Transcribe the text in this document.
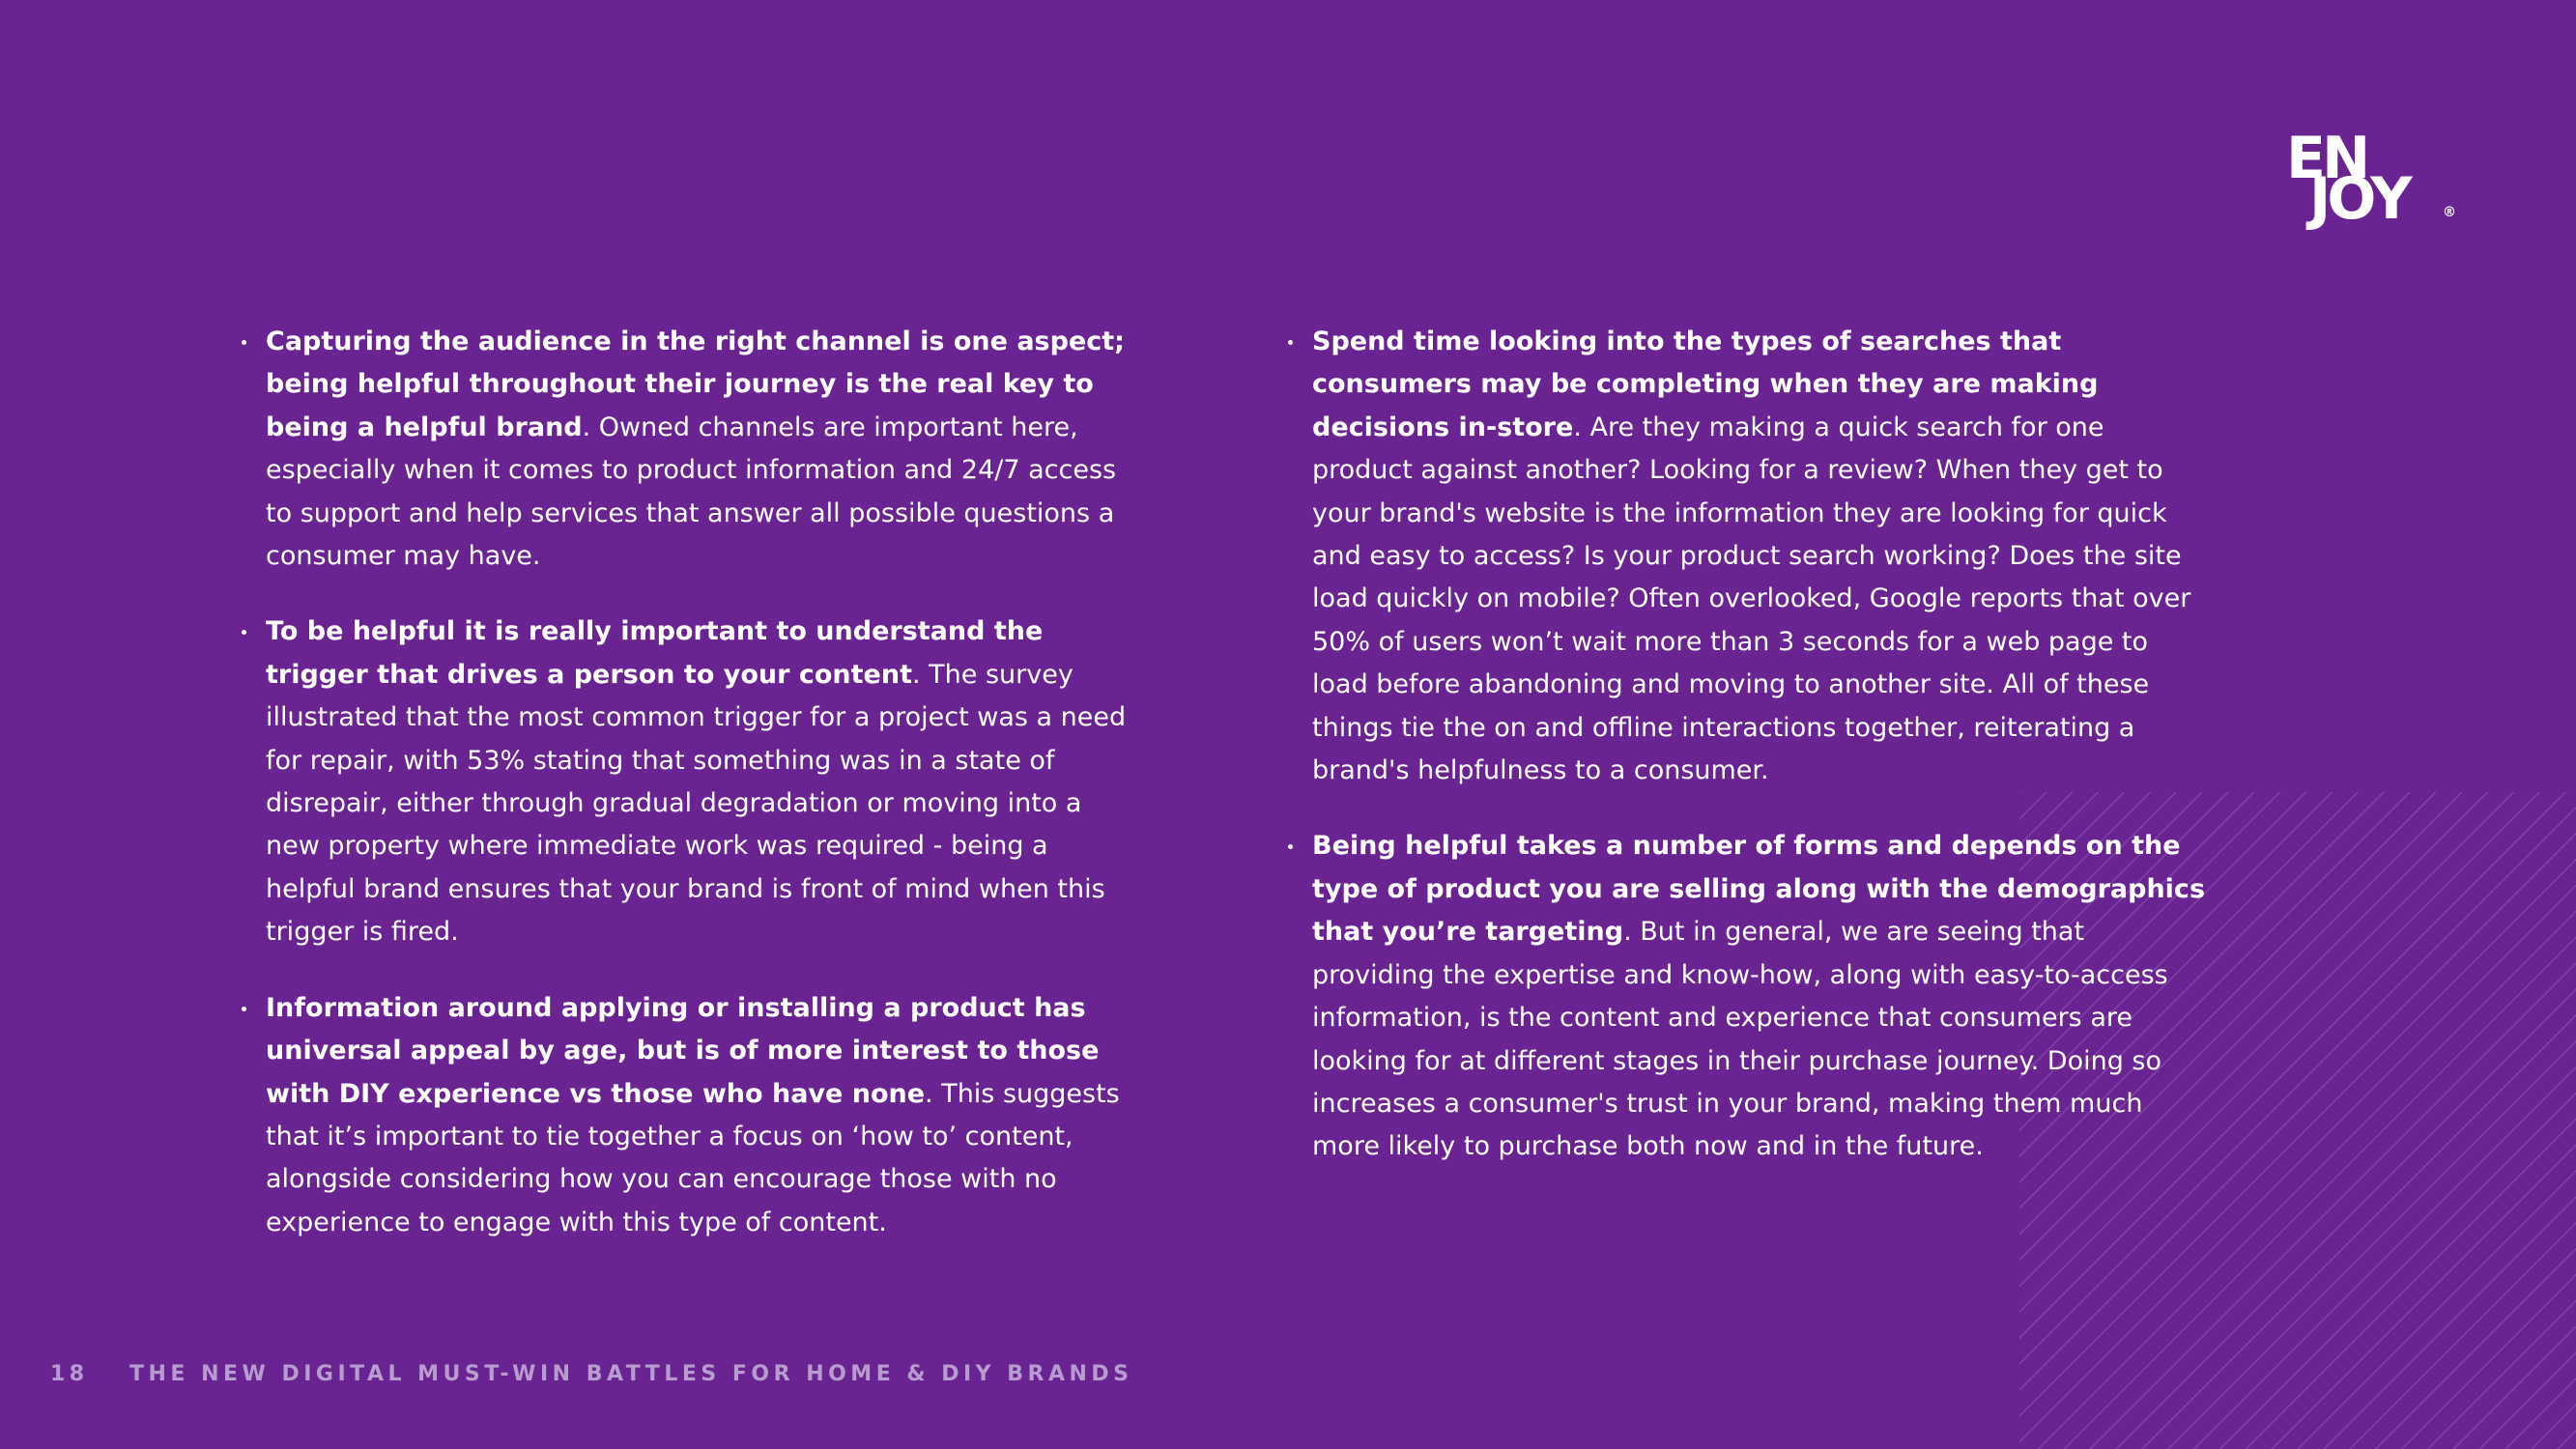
EN
JOY	®

Capturing the audience in the right channel is one aspect; being helpful throughout their journey is the real key to being a helpful brand. Owned channels are important here, especially when it comes to product information and 24/7 access to support and help services that answer all possible questions a consumer may have.

To be helpful it is really important to understand the trigger that drives a person to your content. The survey illustrated that the most common trigger for a project was a need for repair, with 53% stating that something was in a state of disrepair, either through gradual degradation or moving into a new property where immediate work was required - being a helpful brand ensures that your brand is front of mind when this trigger is fired.

Information around applying or installing a product has universal appeal by age, but is of more interest to those with DIY experience vs those who have none. This suggests that it’s important to tie together a focus on ‘how to’ content, alongside considering how you can encourage those with no experience to engage with this type of content.

Spend time looking into the types of searches that consumers may be completing when they are making decisions in-store. Are they making a quick search for one product against another? Looking for a review? When they get to your brand's website is the information they are looking for quick and easy to access? Is your product search working? Does the site load quickly on mobile? Often overlooked, Google reports that over 50% of users won’t wait more than 3 seconds for a web page to load before abandoning and moving to another site. All of these things tie the on and offline interactions together, reiterating a brand's helpfulness to a consumer.

Being helpful takes a number of forms and depends on the type of product you are selling along with the demographics that you’re targeting. But in general, we are seeing that providing the expertise and know-how, along with easy-to-access information, is the content and experience that consumers are looking for at different stages in their purchase journey. Doing so increases a consumer's trust in your brand, making them much more likely to purchase both now and in the future.

18 THE NEW DIGITAL MUST-WIN BATTLES FOR HOME & DIY BRANDS
